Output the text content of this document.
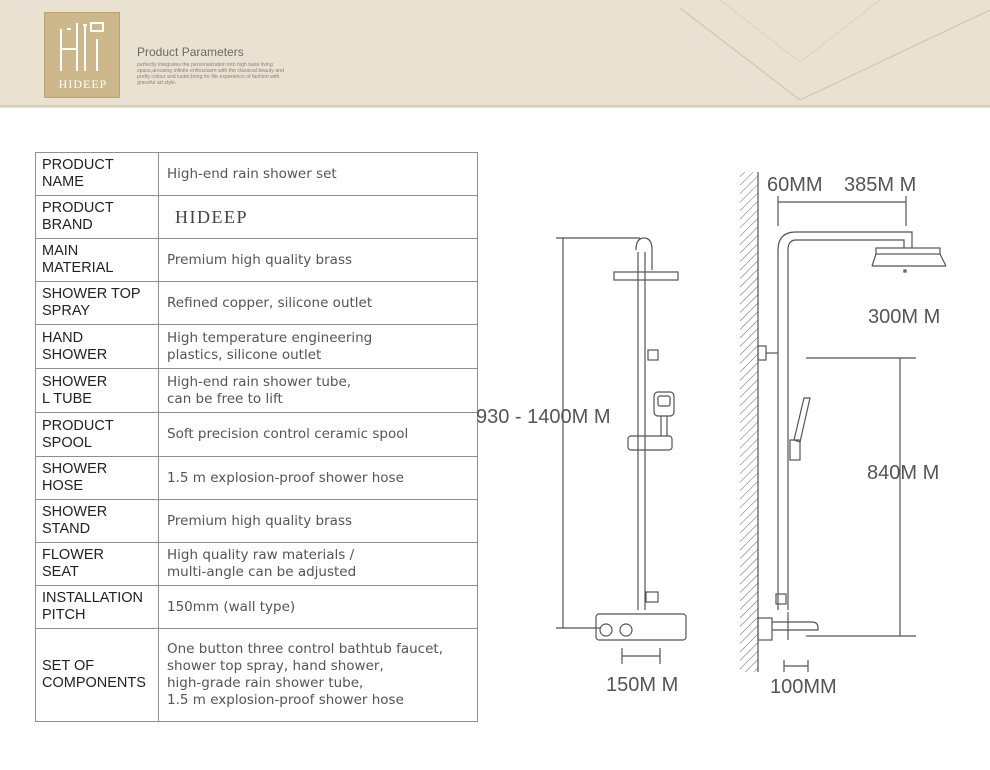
HIDEEP
Product Parameters
perfectly integrates the personalization into high taste living space,arousing infinite enthusiasm with the classical beauty and pretty colour and luster,bring for life experience of fashion with graceful art style.
PRODUCT
NAME	High-end rain shower set
PRODUCT
BRAND	HIDEEP
MAIN
MATERIAL	Premium high quality brass
SHOWER TOP
SPRAY	Refined copper, silicone outlet
HAND
SHOWER	High temperature engineering
plastics, silicone outlet
SHOWER
L TUBE	High-end rain shower tube,
can be free to lift
PRODUCT
SPOOL	Soft precision control ceramic spool
SHOWER
HOSE	1.5 m explosion-proof shower hose
SHOWER
STAND	Premium high quality brass
FLOWER
SEAT	High quality raw materials /
multi-angle can be adjusted
INSTALLATION
PITCH	150mm (wall type)
SET OF
COMPONENTS	One button three control bathtub faucet,
shower top spray, hand shower,
high-grade rain shower tube,
1.5 m explosion-proof shower hose
930 - 1400M M
150M M
60MM 385M M
300M M
840M M
100MM
